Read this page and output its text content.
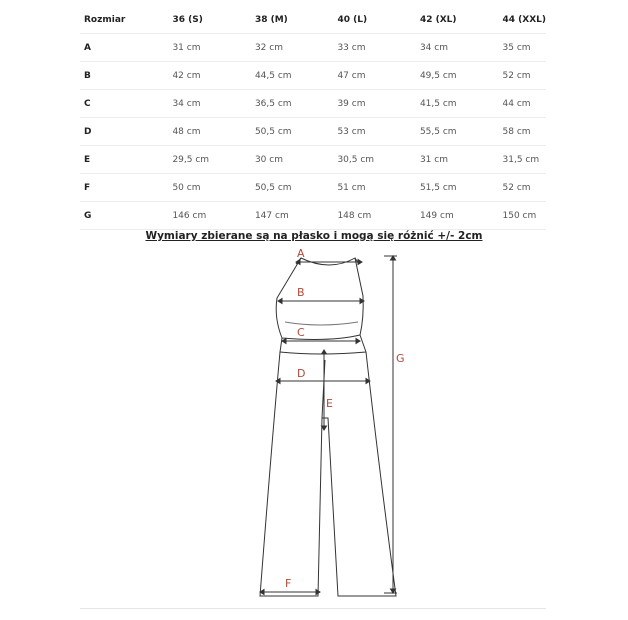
Rozmiar	36 (S)	38 (M)	40 (L)	42 (XL)	44 (XXL)
A	31 cm	32 cm	33 cm	34 cm	35 cm
B	42 cm	44,5 cm	47 cm	49,5 cm	52 cm
C	34 cm	36,5 cm	39 cm	41,5 cm	44 cm
D	48 cm	50,5 cm	53 cm	55,5 cm	58 cm
E	29,5 cm	30 cm	30,5 cm	31 cm	31,5 cm
F	50 cm	50,5 cm	51 cm	51,5 cm	52 cm
G	146 cm	147 cm	148 cm	149 cm	150 cm
Wymiary zbierane są na płasko i mogą się różnić +/- 2cm
A
B
C
D
E
F
G
